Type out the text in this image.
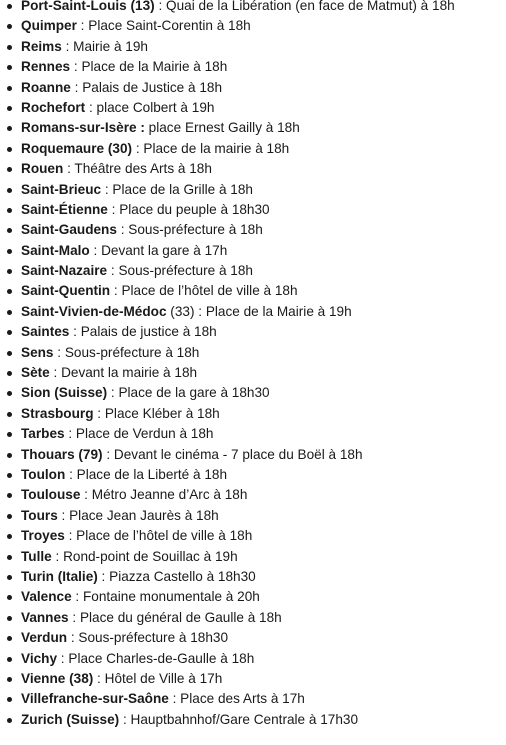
Port-Saint-Louis (13) : Quai de la Libération (en face de Matmut) à 18h
Quimper : Place Saint-Corentin à 18h
Reims : Mairie à 19h
Rennes : Place de la Mairie à 18h
Roanne : Palais de Justice à 18h
Rochefort : place Colbert à 19h
Romans-sur-Isère : place Ernest Gailly à 18h
Roquemaure (30) : Place de la mairie à 18h
Rouen : Théâtre des Arts à 18h
Saint-Brieuc : Place de la Grille à 18h
Saint-Étienne : Place du peuple à 18h30
Saint-Gaudens : Sous-préfecture à 18h
Saint-Malo : Devant la gare à 17h
Saint-Nazaire : Sous-préfecture à 18h
Saint-Quentin : Place de l’hôtel de ville à 18h
Saint-Vivien-de-Médoc (33) : Place de la Mairie à 19h
Saintes : Palais de justice à 18h
Sens : Sous-préfecture à 18h
Sète : Devant la mairie à 18h
Sion (Suisse) : Place de la gare à 18h30
Strasbourg : Place Kléber à 18h
Tarbes : Place de Verdun à 18h
Thouars (79) : Devant le cinéma - 7 place du Boël à 18h
Toulon : Place de la Liberté à 18h
Toulouse : Métro Jeanne d’Arc à 18h
Tours : Place Jean Jaurès à 18h
Troyes : Place de l’hôtel de ville à 18h
Tulle : Rond-point de Souillac à 19h
Turin (Italie) : Piazza Castello à 18h30
Valence : Fontaine monumentale à 20h
Vannes : Place du général de Gaulle à 18h
Verdun : Sous-préfecture à 18h30
Vichy : Place Charles-de-Gaulle à 18h
Vienne (38) : Hôtel de Ville à 17h
Villefranche-sur-Saône : Place des Arts à 17h
Zurich (Suisse) : Hauptbahnhof/Gare Centrale à 17h30
